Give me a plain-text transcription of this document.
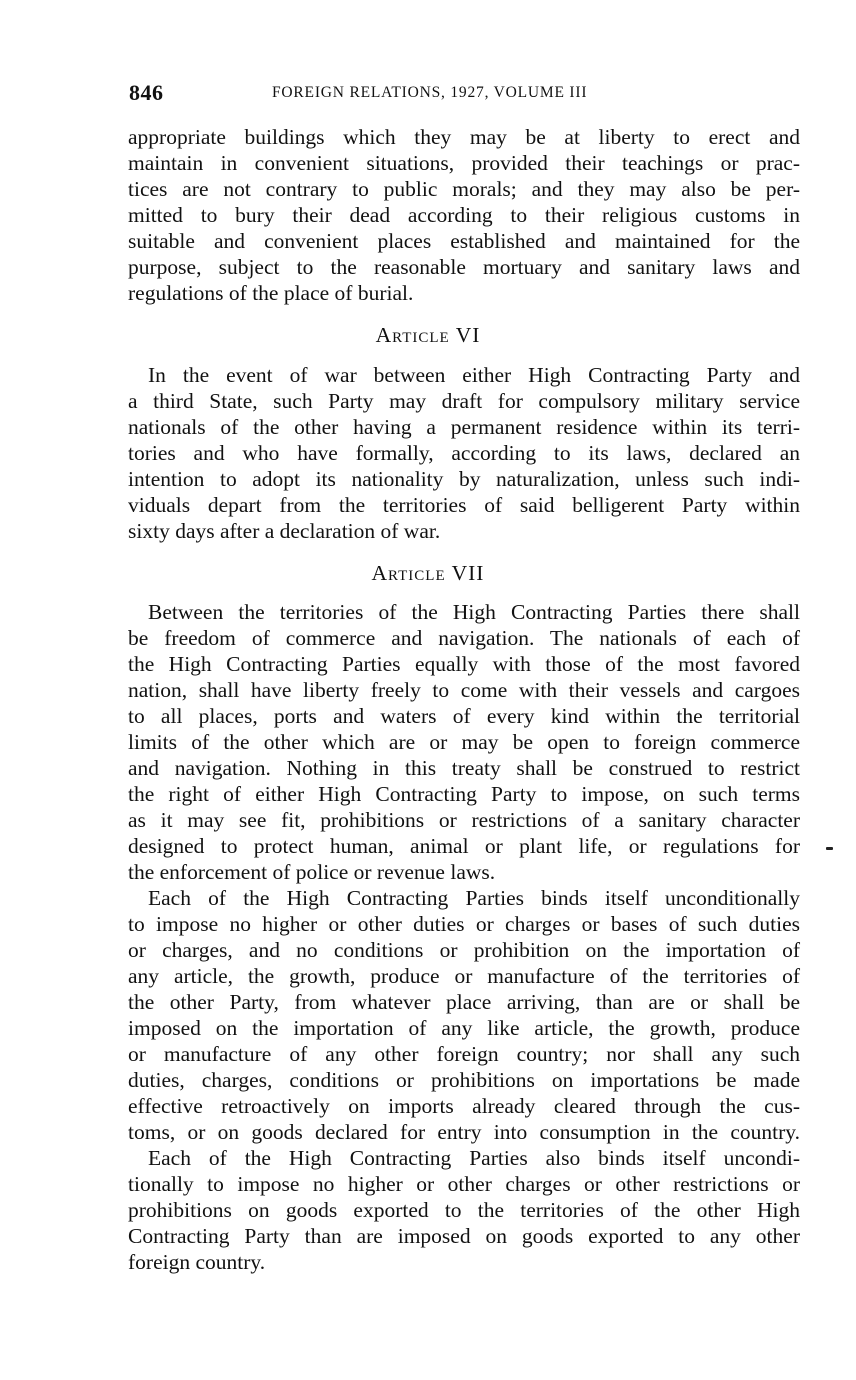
846	FOREIGN RELATIONS, 1927, VOLUME III
appropriate buildings which they may be at liberty to erect and
maintain in convenient situations, provided their teachings or prac-
tices are not contrary to public morals; and they may also be per-
mitted to bury their dead according to their religious customs in
suitable and convenient places established and maintained for the
purpose, subject to the reasonable mortuary and sanitary laws and
regulations of the place of burial.
Article VI
In the event of war between either High Contracting Party and
a third State, such Party may draft for compulsory military service
nationals of the other having a permanent residence within its terri-
tories and who have formally, according to its laws, declared an
intention to adopt its nationality by naturalization, unless such indi-
viduals depart from the territories of said belligerent Party within
sixty days after a declaration of war.
Article VII
Between the territories of the High Contracting Parties there shall
be freedom of commerce and navigation. The nationals of each of
the High Contracting Parties equally with those of the most favored
nation, shall have liberty freely to come with their vessels and cargoes
to all places, ports and waters of every kind within the territorial
limits of the other which are or may be open to foreign commerce
and navigation. Nothing in this treaty shall be construed to restrict
the right of either High Contracting Party to impose, on such terms
as it may see fit, prohibitions or restrictions of a sanitary character
designed to protect human, animal or plant life, or regulations for
the enforcement of police or revenue laws.
Each of the High Contracting Parties binds itself unconditionally
to impose no higher or other duties or charges or bases of such duties
or charges, and no conditions or prohibition on the importation of
any article, the growth, produce or manufacture of the territories of
the other Party, from whatever place arriving, than are or shall be
imposed on the importation of any like article, the growth, produce
or manufacture of any other foreign country; nor shall any such
duties, charges, conditions or prohibitions on importations be made
effective retroactively on imports already cleared through the cus-
toms, or on goods declared for entry into consumption in the country.
Each of the High Contracting Parties also binds itself uncondi-
tionally to impose no higher or other charges or other restrictions or
prohibitions on goods exported to the territories of the other High
Contracting Party than are imposed on goods exported to any other
foreign country.
